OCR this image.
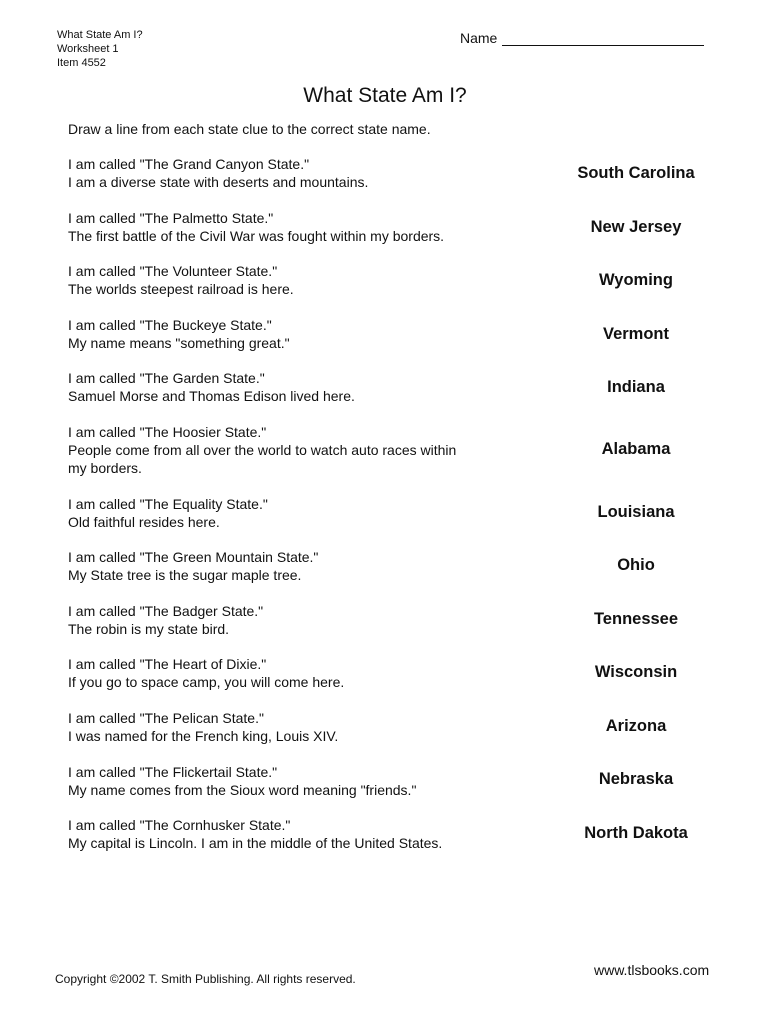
What State Am I?
Worksheet 1
Item 4552
Name
What State Am I?
Draw a line from each state clue to the correct state name.
I am called "The Grand Canyon State."
I am a diverse state with deserts and mountains.
I am called "The Palmetto State."
The first battle of the Civil War was fought within my borders.
I am called "The Volunteer State."
The worlds steepest railroad is here.
I am called "The Buckeye State."
My name means "something great."
I am called "The Garden State."
Samuel Morse and Thomas Edison lived here.
I am called "The Hoosier State."
People come from all over the world to watch auto races within
my borders.
I am called "The Equality State."
Old faithful resides here.
I am called "The Green Mountain State."
My State tree is the sugar maple tree.
I am called "The Badger State."
The robin is my state bird.
I am called "The Heart of Dixie."
If you go to space camp, you will come here.
I am called "The Pelican State."
I was named for the French king, Louis XIV.
I am called "The Flickertail State."
My name comes from the Sioux word meaning "friends."
I am called "The Cornhusker State."
My capital is Lincoln. I am in the middle of the United States.
South Carolina
New Jersey
Wyoming
Vermont
Indiana
Alabama
Louisiana
Ohio
Tennessee
Wisconsin
Arizona
Nebraska
North Dakota
Copyright ©2002 T. Smith Publishing. All rights reserved.
www.tlsbooks.com
